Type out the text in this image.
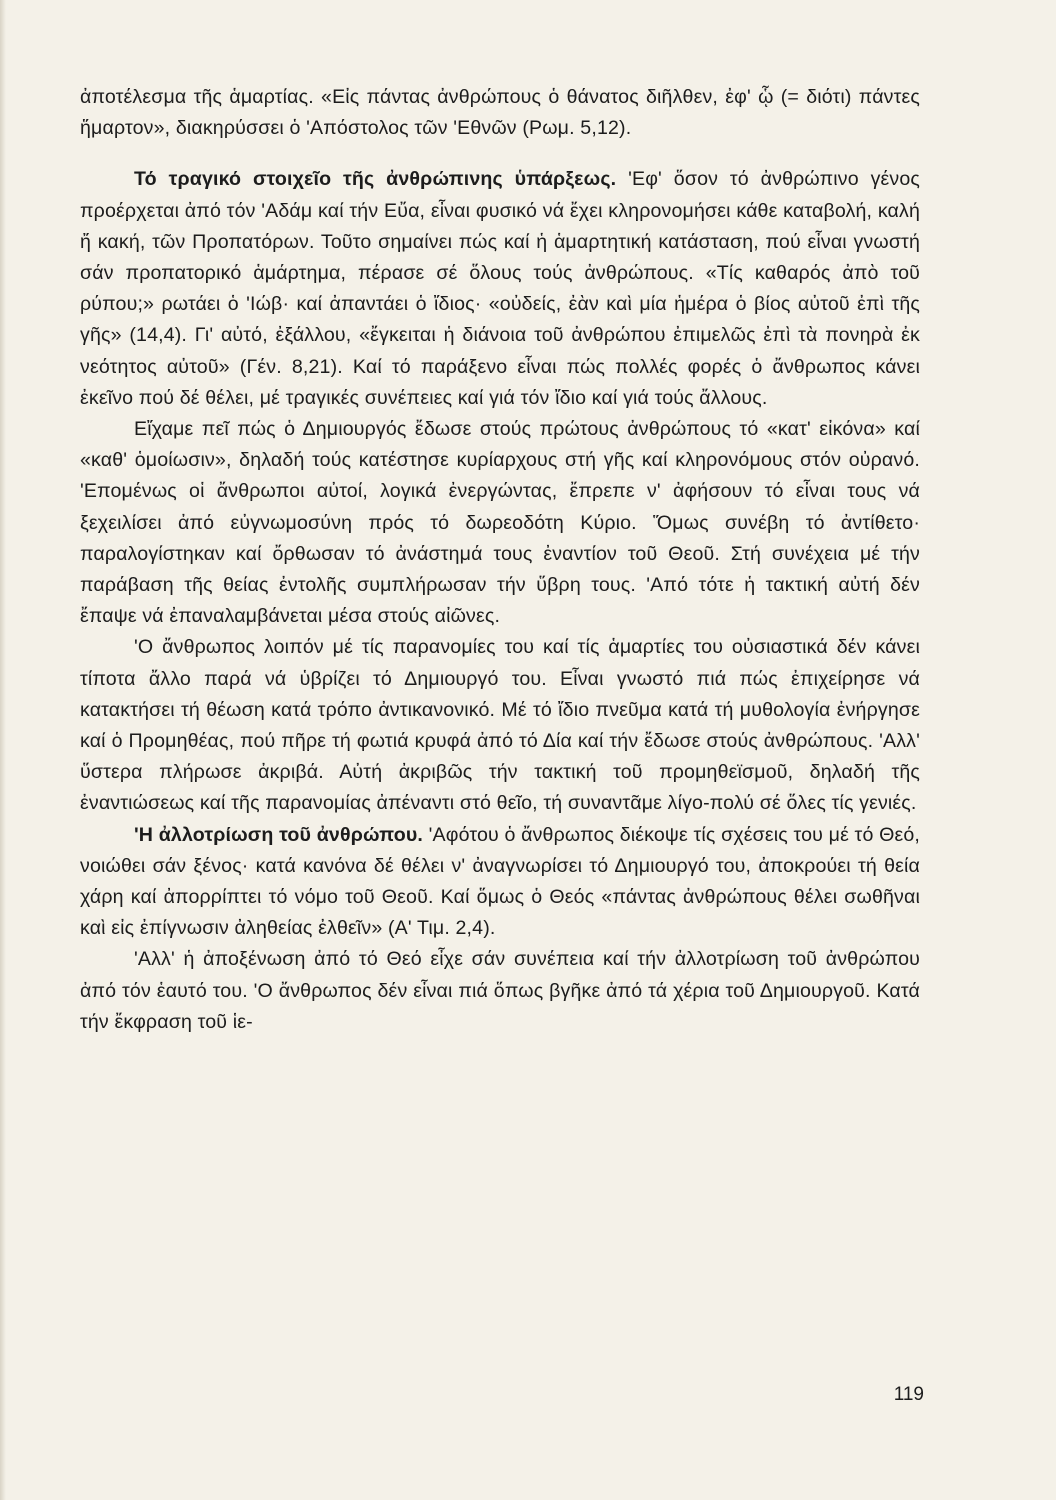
ἀποτέλεσμα τῆς ἁμαρτίας. «Εἰς πάντας ἀνθρώπους ὁ θάνατος διῆλθεν, ἐφ' ᾧ (= διότι) πάντες ἥμαρτον», διακηρύσσει ὁ 'Απόστολος τῶν 'Εθνῶν (Ρωμ. 5,12).

Τό τραγικό στοιχεῖο τῆς ἀνθρώπινης ὑπάρξεως. 'Εφ' ὅσον τό ἀνθρώπινο γένος προέρχεται ἀπό τόν 'Αδάμ καί τήν Εὔα, εἶναι φυσικό νά ἔχει κληρονομήσει κάθε καταβολή, καλή ἤ κακή, τῶν Προπατόρων. Τοῦτο σημαίνει πώς καί ἡ ἁμαρτητική κατάσταση, πού εἶναι γνωστή σάν προπατορικό ἁμάρτημα, πέρασε σέ ὅλους τούς ἀνθρώπους. «Τίς καθαρός ἀπὸ τοῦ ρύπου;» ρωτάει ὁ 'Ιώβ· καί ἀπαντάει ὁ ἴδιος· «οὐδείς, ἐὰν καὶ μία ἡμέρα ὁ βίος αὐτοῦ ἐπὶ τῆς γῆς» (14,4). Γι' αὐτό, ἐξάλλου, «ἔγκειται ἡ διάνοια τοῦ ἀνθρώπου ἐπιμελῶς ἐπὶ τὰ πονηρὰ ἐκ νεότητος αὐτοῦ» (Γέν. 8,21). Καί τό παράξενο εἶναι πώς πολλές φορές ὁ ἄνθρωπος κάνει ἐκεῖνο πού δέ θέλει, μέ τραγικές συνέπειες καί γιά τόν ἴδιο καί γιά τούς ἄλλους.

Εἴχαμε πεῖ πώς ὁ Δημιουργός ἔδωσε στούς πρώτους ἀνθρώπους τό «κατ' εἰκόνα» καί «καθ' ὁμοίωσιν», δηλαδή τούς κατέστησε κυρίαρχους στή γῆς καί κληρονόμους στόν οὐρανό. 'Επομένως οἱ ἄνθρωποι αὐτοί, λογικά ἐνεργώντας, ἔπρεπε ν' ἀφήσουν τό εἶναι τους νά ξεχειλίσει ἀπό εὐγνωμοσύνη πρός τό δωρεοδότη Κύριο. Ὅμως συνέβη τό ἀντίθετο· παραλογίστηκαν καί ὄρθωσαν τό ἀνάστημά τους ἐναντίον τοῦ Θεοῦ. Στή συνέχεια μέ τήν παράβαση τῆς θείας ἐντολῆς συμπλήρωσαν τήν ὕβρη τους. 'Από τότε ἡ τακτική αὐτή δέν ἔπαψε νά ἐπαναλαμβάνεται μέσα στούς αἰῶνες.

'Ο ἄνθρωπος λοιπόν μέ τίς παρανομίες του καί τίς ἁμαρτίες του οὐσιαστικά δέν κάνει τίποτα ἄλλο παρά νά ὑβρίζει τό Δημιουργό του. Εἶναι γνωστό πιά πώς ἐπιχείρησε νά κατακτήσει τή θέωση κατά τρόπο ἀντικανονικό. Μέ τό ἴδιο πνεῦμα κατά τή μυθολογία ἐνήργησε καί ὁ Προμηθέας, πού πῆρε τή φωτιά κρυφά ἀπό τό Δία καί τήν ἔδωσε στούς ἀνθρώπους. 'Αλλ' ὕστερα πλήρωσε ἀκριβά. Αὐτή ἀκριβῶς τήν τακτική τοῦ προμηθεϊσμοῦ, δηλαδή τῆς ἐναντιώσεως καί τῆς παρανομίας ἀπέναντι στό θεῖο, τή συναντᾶμε λίγο-πολύ σέ ὅλες τίς γενιές.

'Η ἀλλοτρίωση τοῦ ἀνθρώπου. 'Αφότου ὁ ἄνθρωπος διέκοψε τίς σχέσεις του μέ τό Θεό, νοιώθει σάν ξένος· κατά κανόνα δέ θέλει ν' ἀναγνωρίσει τό Δημιουργό του, ἀποκρούει τή θεία χάρη καί ἀπορρίπτει τό νόμο τοῦ Θεοῦ. Καί ὅμως ὁ Θεός «πάντας ἀνθρώπους θέλει σωθῆναι καὶ εἰς ἐπίγνωσιν ἀληθείας ἐλθεῖν» (Α' Τιμ. 2,4).

'Αλλ' ἡ ἀποξένωση ἀπό τό Θεό εἶχε σάν συνέπεια καί τήν ἀλλοτρίωση τοῦ ἀνθρώπου ἀπό τόν ἑαυτό του. 'Ο ἄνθρωπος δέν εἶναι πιά ὅπως βγῆκε ἀπό τά χέρια τοῦ Δημιουργοῦ. Κατά τήν ἔκφραση τοῦ ἱε-

119
